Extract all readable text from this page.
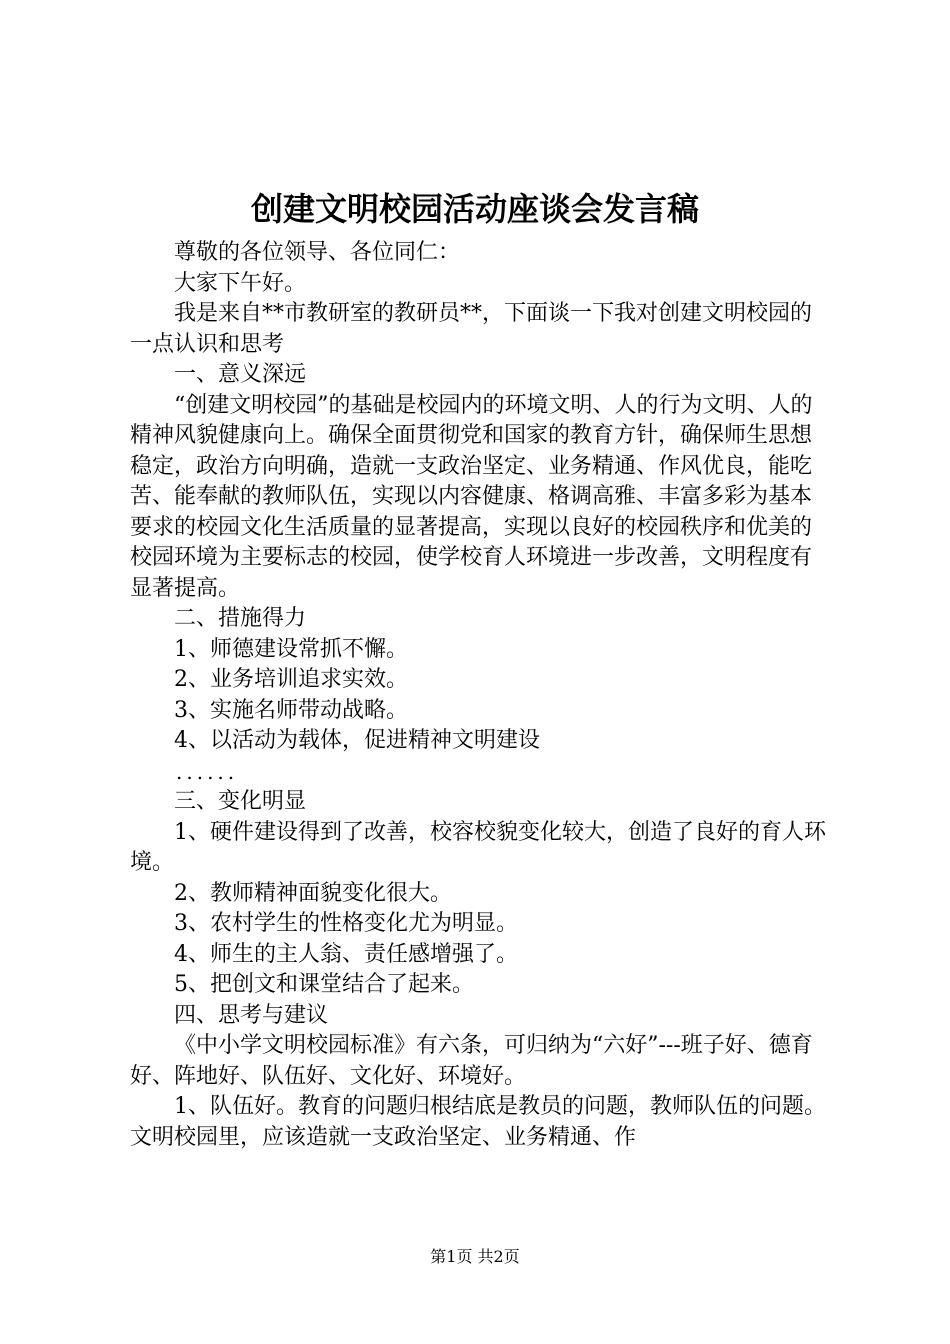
创建文明校园活动座谈会发言稿

尊敬的各位领导、各位同仁：

大家下午好。

我是来自**市教研室的教研员**，下面谈一下我对创建文明校园的一点认识和思考

一、意义深远

“创建文明校园”的基础是校园内的环境文明、人的行为文明、人的精神风貌健康向上。确保全面贯彻党和国家的教育方针，确保师生思想稳定，政治方向明确，造就一支政治坚定、业务精通、作风优良，能吃苦、能奉献的教师队伍，实现以内容健康、格调高雅、丰富多彩为基本要求的校园文化生活质量的显著提高，实现以良好的校园秩序和优美的校园环境为主要标志的校园，使学校育人环境进一步改善，文明程度有显著提高。

二、措施得力

1、师德建设常抓不懈。

2、业务培训追求实效。

3、实施名师带动战略。

4、以活动为载体，促进精神文明建设

......

三、变化明显

1、硬件建设得到了改善，校容校貌变化较大，创造了良好的育人环境。

2、教师精神面貌变化很大。

3、农村学生的性格变化尤为明显。

4、师生的主人翁、责任感增强了。

5、把创文和课堂结合了起来。

四、思考与建议

《中小学文明校园标准》有六条，可归纳为“六好”---班子好、德育好、阵地好、队伍好、文化好、环境好。

1、队伍好。教育的问题归根结底是教员的问题，教师队伍的问题。文明校园里，应该造就一支政治坚定、业务精通、作

第1页 共2页
